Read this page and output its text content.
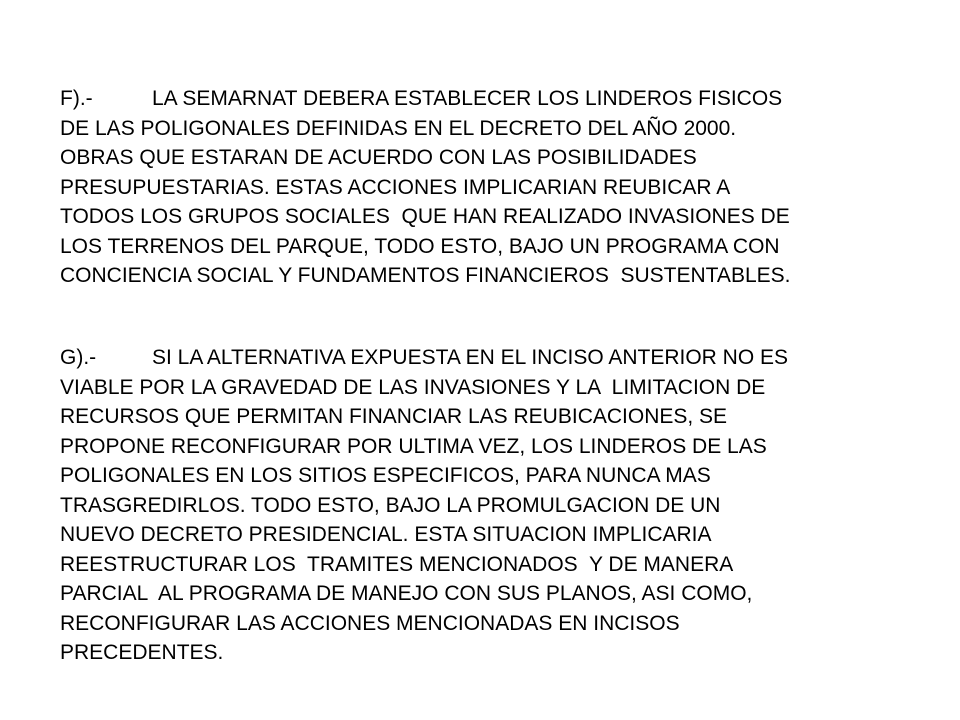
F).-	LA SEMARNAT DEBERA ESTABLECER LOS LINDEROS FISICOS
DE LAS POLIGONALES DEFINIDAS EN EL DECRETO DEL AÑO 2000.
OBRAS QUE ESTARAN DE ACUERDO CON LAS POSIBILIDADES
PRESUPUESTARIAS. ESTAS ACCIONES IMPLICARIAN REUBICAR A
TODOS LOS GRUPOS SOCIALES  QUE HAN REALIZADO INVASIONES DE
LOS TERRENOS DEL PARQUE, TODO ESTO, BAJO UN PROGRAMA CON
CONCIENCIA SOCIAL Y FUNDAMENTOS FINANCIEROS  SUSTENTABLES.

G).-	SI LA ALTERNATIVA EXPUESTA EN EL INCISO ANTERIOR NO ES
VIABLE POR LA GRAVEDAD DE LAS INVASIONES Y LA  LIMITACION DE
RECURSOS QUE PERMITAN FINANCIAR LAS REUBICACIONES, SE
PROPONE RECONFIGURAR POR ULTIMA VEZ, LOS LINDEROS DE LAS
POLIGONALES EN LOS SITIOS ESPECIFICOS, PARA NUNCA MAS
TRASGREDIRLOS. TODO ESTO, BAJO LA PROMULGACION DE UN
NUEVO DECRETO PRESIDENCIAL. ESTA SITUACION IMPLICARIA
REESTRUCTURAR LOS  TRAMITES MENCIONADOS  Y DE MANERA
PARCIAL  AL PROGRAMA DE MANEJO CON SUS PLANOS, ASI COMO,
RECONFIGURAR LAS ACCIONES MENCIONADAS EN INCISOS
PRECEDENTES.
